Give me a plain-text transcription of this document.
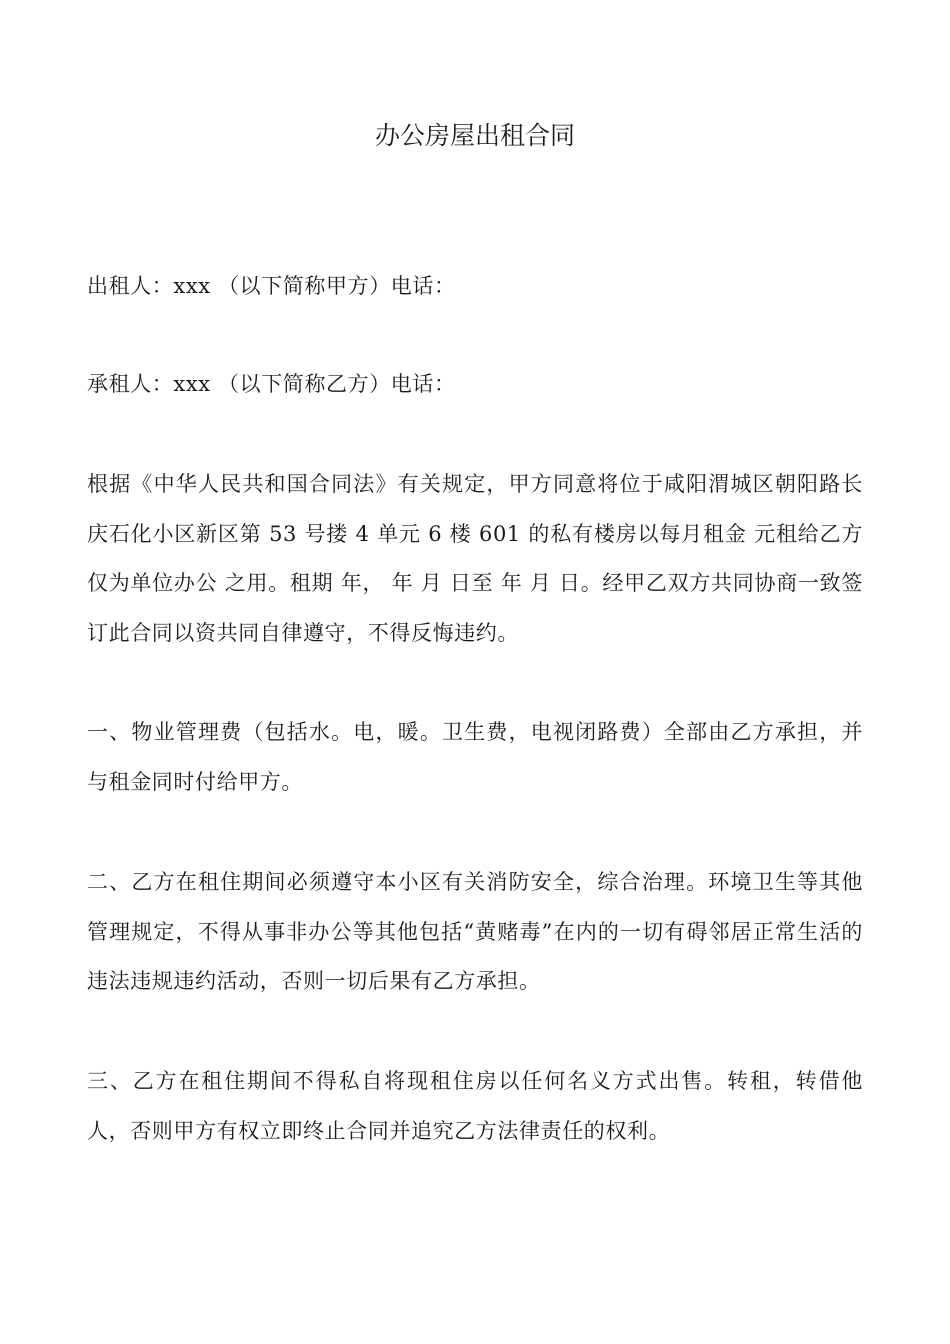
办公房屋出租合同

出租人：xxx （以下简称甲方）电话：

承租人：xxx （以下简称乙方）电话：

根据《中华人民共和国合同法》有关规定，甲方同意将位于咸阳渭城区朝阳路长庆石化小区新区第 53 号搂 4 单元 6 楼 601 的私有楼房以每月租金 元租给乙方仅为单位办公 之用。租期 年， 年 月 日至 年 月 日。经甲乙双方共同协商一致签订此合同以资共同自律遵守，不得反悔违约。

一、物业管理费（包括水。电，暖。卫生费，电视闭路费）全部由乙方承担，并与租金同时付给甲方。

二、乙方在租住期间必须遵守本小区有关消防安全，综合治理。环境卫生等其他管理规定，不得从事非办公等其他包括“黄赌毒”在内的一切有碍邻居正常生活的违法违规违约活动，否则一切后果有乙方承担。

三、乙方在租住期间不得私自将现租住房以任何名义方式出售。转租，转借他人，否则甲方有权立即终止合同并追究乙方法律责任的权利。
